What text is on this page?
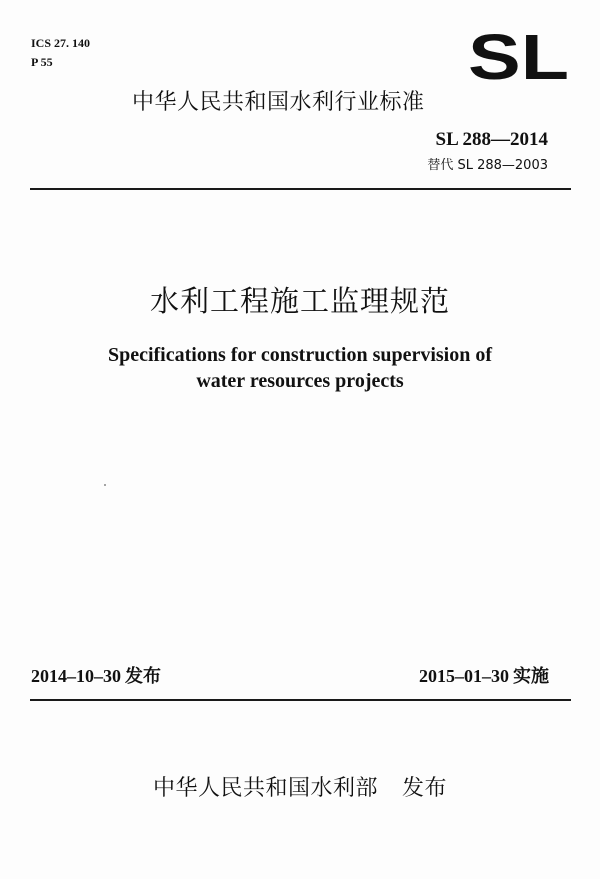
ICS 27. 140
P 55	SL
中华人民共和国水利行业标准
SL 288—2014
替代 SL 288—2003
水利工程施工监理规范
Specifications for construction supervision of
water resources projects
2014–10–30 发布	2015–01–30 实施
中华人民共和国水利部 发布
